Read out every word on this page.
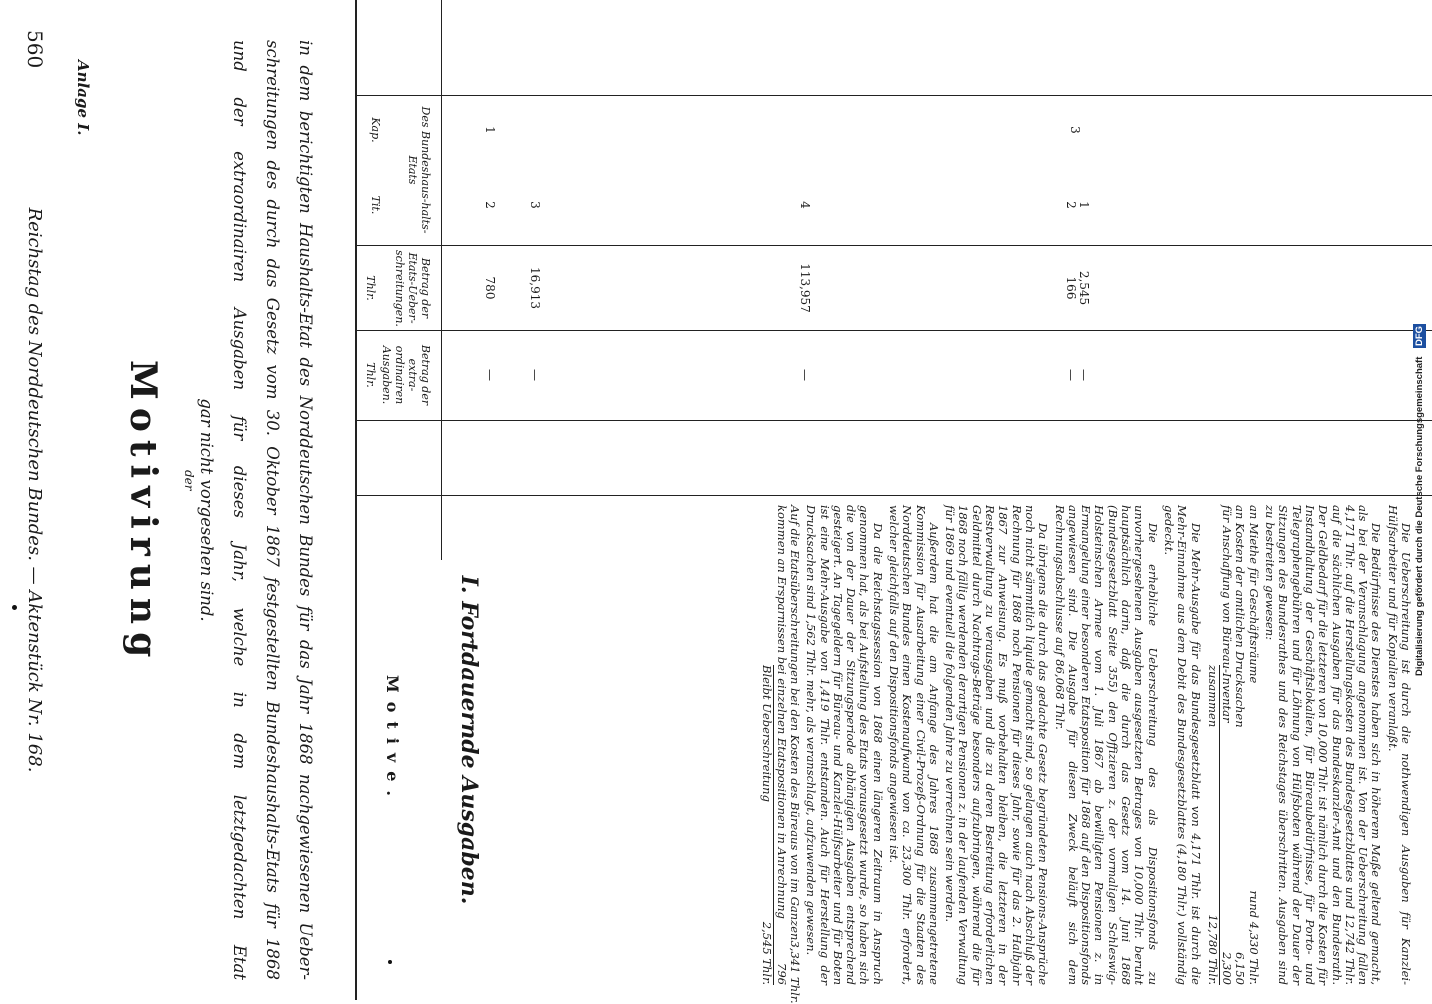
560
Reichstag des Norddeutschen Bundes. — Aktenstück Nr. 168.
Anlage I.
Motivirung der	in dem berichtigten Haushalts-Etat des Norddeutschen Bundes für das Jahr 1868 nachgewiesenen Ueber-
schreitungen des durch das Gesetz vom 30. Oktober 1867 festgestellten Bundeshaushalts-Etats für 1868
und der extraordinairen Ausgaben für dieses Jahr, welche in dem letztgedachten Etat
gar nicht vorgesehen sind.
Des Bundeshaus-halts-Etats
Kap.
Tit.
Betrag der Etats-Ueber-schreitungen.
Thlr.
Betrag der extra-ordinairen Ausgaben.
Thlr.
Motive. I. Fortdauernde Ausgaben.
1
2
780
—
3
16,913
—
4
113,957
—
3
1
2
2,545
166
—
—

Die Ueberschreitung ist durch die nothwendigen Ausgaben für Kanzlei-Hülfsarbeiter und für Kopialien veranlaßt.

Die Bedürfnisse des Dienstes haben sich in höherem Maße geltend gemacht, als bei der Veranschlagung angenommen ist. Von der Ueberschreitung fallen 4,171 Thlr. auf die Herstellungskosten des Bundesgesetzblattes und 12,742 Thlr. auf die sächlichen Ausgaben für das Bundeskanzler-Amt und den Bundesrath. Der Geldbedarf für die letzteren von 10,000 Thlr. ist nämlich durch die Kosten für Instandhaltung der Geschäftslokalien, für Büreaubedürfnisse, für Porto- und Telegraphengebühren und für Löhnung von Hülfsboten während der Dauer der Sitzungen des Bundesrathes und des Reichstages überschritten. Ausgaben sind zu bestreiten gewesen:

an Miethe für Geschäftsräume
rund 4,330 Thlr.
an Kosten der amtlichen Drucksachen
6,150
für Anschaffung von Büreau-Inventar
2,300
zusammen
12,780 Thlr.

Die Mehr-Ausgabe für das Bundesgesetzblatt von 4,171 Thlr. ist durch die Mehr-Einnahme aus dem Debit des Bundesgesetzblattes (4,180 Thlr.) vollständig gedeckt.

Die erhebliche Ueberschreitung des als Dispositionsfonds zu unvorhergesehenen Ausgaben ausgesetzten Betrages von 10,000 Thlr. beruht hauptsächlich darin, daß die durch das Gesetz vom 14. Juni 1868 (Bundesgesetzblatt Seite 355) den Offizieren z. der vormaligen Schleswig-Holsteinschen Armee vom 1. Juli 1867 ab bewilligten Pensionen z. in Ermangelung einer besonderen Etatsposition für 1868 auf den Dispositionsfonds angewiesen sind. Die Ausgabe für diesen Zweck beläuft sich dem Rechnungsabschlusse auf 86,068 Thlr.

Da übrigens die durch das gedachte Gesetz begründeten Pensions-Ansprüche noch nicht sämmtlich liquide gemacht sind, so gelangen auch nach Abschluß der Rechnung für 1868 noch Pensionen für dieses Jahr, sowie für das 2. Halbjahr 1867 zur Anweisung. Es muß vorbehalten bleiben, die letzteren in der Restverwaltung zu verausgaben und die zu deren Bestreitung erforderlichen Geldmittel durch Nachtrags-Beträge besonders aufzubringen, während die für 1868 noch fällig werdenden derartigen Pensionen z. in der laufenden Verwaltung für 1869 und eventuell die folgenden Jahre zu verrechnen sein werden.

Außerdem hat die am Anfange des Jahres 1868 zusammengetretene Kommission für Ausarbeitung einer Civil-Prozeß-Ordnung für die Staaten des Norddeutschen Bundes einen Kostenaufwand von ca. 23,300 Thlr. erfordert, welcher gleichfalls auf den Dispositionsfonds angewiesen ist.

Da die Reichstagssession von 1868 einen längeren Zeitraum in Anspruch genommen hat, als bei Aufstellung des Etats vorausgesetzt wurde, so haben sich die von der Dauer der Sitzungsperiode abhängigen Ausgaben entsprechend gesteigert. An Tagegeldern für Büreau- und Kanzlei-Hülfsarbeiter und für Boten ist eine Mehr-Ausgabe von 1,419 Thlr. entstanden. Auch für Herstellung der Drucksachen sind 1,562 Thlr. mehr, als veranschlagt, aufzuwenden gewesen.

Auf die Etatsüberschreitungen bei den Kosten des Büreaus von im Ganzen
3,341 Thlr.
kommen an Ersparnissen bei einzelnen Etatspositionen in Anrechnung
796
Bleibt Ueberschreitung
2,545 Thlr.
Digitalisierung gefördert durch die Deutsche Forschungsgemeinschaft DFG
